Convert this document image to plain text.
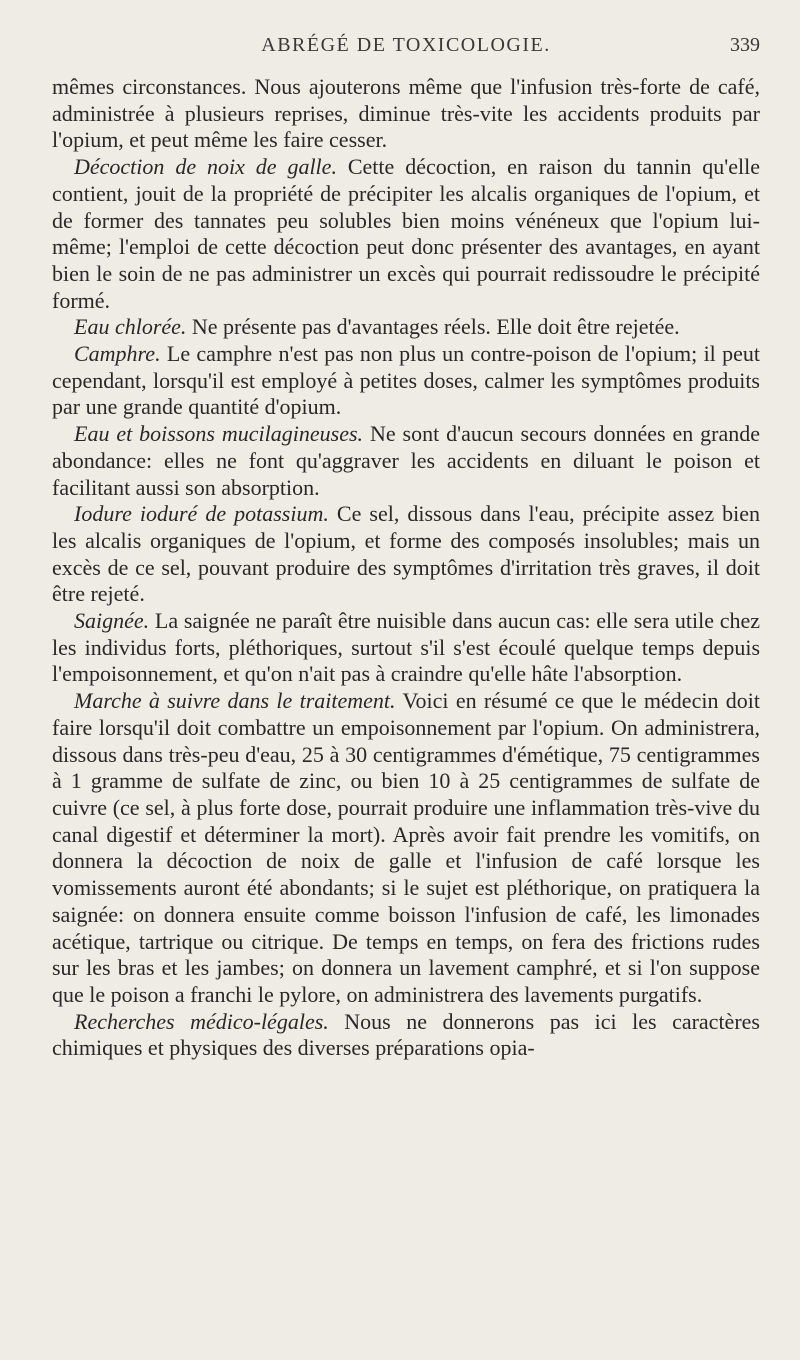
ABRÉGÉ DE TOXICOLOGIE.	339

mêmes circonstances. Nous ajouterons même que l'infusion très-forte de café, administrée à plusieurs reprises, diminue très-vite les accidents produits par l'opium, et peut même les faire cesser.

Décoction de noix de galle. Cette décoction, en raison du tannin qu'elle contient, jouit de la propriété de précipiter les alcalis organiques de l'opium, et de former des tannates peu solubles bien moins vénéneux que l'opium lui-même; l'emploi de cette décoction peut donc présenter des avantages, en ayant bien le soin de ne pas administrer un excès qui pourrait redissoudre le précipité formé.

Eau chlorée. Ne présente pas d'avantages réels. Elle doit être rejetée.

Camphre. Le camphre n'est pas non plus un contre-poison de l'opium; il peut cependant, lorsqu'il est employé à petites doses, calmer les symptômes produits par une grande quantité d'opium.

Eau et boissons mucilagineuses. Ne sont d'aucun secours données en grande abondance: elles ne font qu'aggraver les accidents en diluant le poison et facilitant aussi son absorption.

Iodure ioduré de potassium. Ce sel, dissous dans l'eau, précipite assez bien les alcalis organiques de l'opium, et forme des composés insolubles; mais un excès de ce sel, pouvant produire des symptômes d'irritation très graves, il doit être rejeté.

Saignée. La saignée ne paraît être nuisible dans aucun cas: elle sera utile chez les individus forts, pléthoriques, surtout s'il s'est écoulé quelque temps depuis l'empoisonnement, et qu'on n'ait pas à craindre qu'elle hâte l'absorption.

Marche à suivre dans le traitement. Voici en résumé ce que le médecin doit faire lorsqu'il doit combattre un empoisonnement par l'opium. On administrera, dissous dans très-peu d'eau, 25 à 30 centigrammes d'émétique, 75 centigrammes à 1 gramme de sulfate de zinc, ou bien 10 à 25 centigrammes de sulfate de cuivre (ce sel, à plus forte dose, pourrait produire une inflammation très-vive du canal digestif et déterminer la mort). Après avoir fait prendre les vomitifs, on donnera la décoction de noix de galle et l'infusion de café lorsque les vomissements auront été abondants; si le sujet est pléthorique, on pratiquera la saignée: on donnera ensuite comme boisson l'infusion de café, les limonades acétique, tartrique ou citrique. De temps en temps, on fera des frictions rudes sur les bras et les jambes; on donnera un lavement camphré, et si l'on suppose que le poison a franchi le pylore, on administrera des lavements purgatifs.

Recherches médico-légales. Nous ne donnerons pas ici les caractères chimiques et physiques des diverses préparations opia-
